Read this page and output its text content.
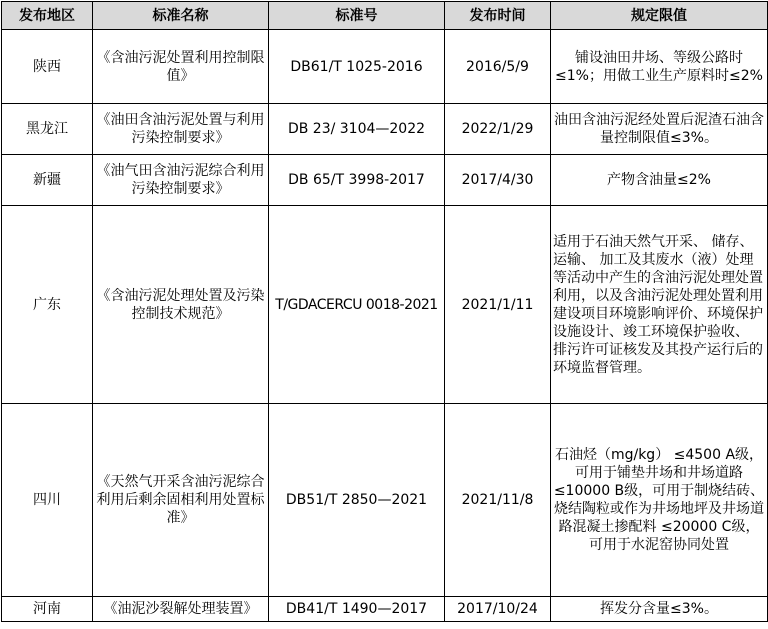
发布地区	标准名称	标准号	发布时间	规定限值
陕西	《含油污泥处置利用控制限值》	DB61/T 1025-2016	2016/5/9	铺设油田井场、等级公路时≤1%；用做工业生产原料时≤2%
黑龙江	《油田含油污泥处置与利用污染控制要求》	DB 23/ 3104—2022	2022/1/29	油田含油污泥经处置后泥渣石油含量控制限值≤3%。
新疆	《油气田含油污泥综合利用污染控制要求》	DB 65/T 3998-2017	2017/4/30	产物含油量≤2%
广东	《含油污泥处理处置及污染控制技术规范》	T/GDACERCU 0018-2021	2021/1/11	适用于石油天然气开采、 储存、运输、 加工及其废水（液）处理等活动中产生的含油污泥处理处置利用，以及含油污泥处理处置利用建设项目环境影响评价、环境保护设施设计、竣工环境保护验收、 排污许可证核发及其投产运行后的环境监督管理。
四川	《天然气开采含油污泥综合利用后剩余固相利用处置标准》	DB51/T 2850—2021	2021/11/8	石油烃（mg/kg） ≤4500 A级，可用于铺垫井场和井场道路 ≤10000 B级，可用于制烧结砖、烧结陶粒或作为井场地坪及井场道路混凝土掺配料 ≤20000 C级，可用于水泥窑协同处置
河南	《油泥沙裂解处理装置》	DB41/T 1490—2017	2017/10/24	挥发分含量≤3%。
